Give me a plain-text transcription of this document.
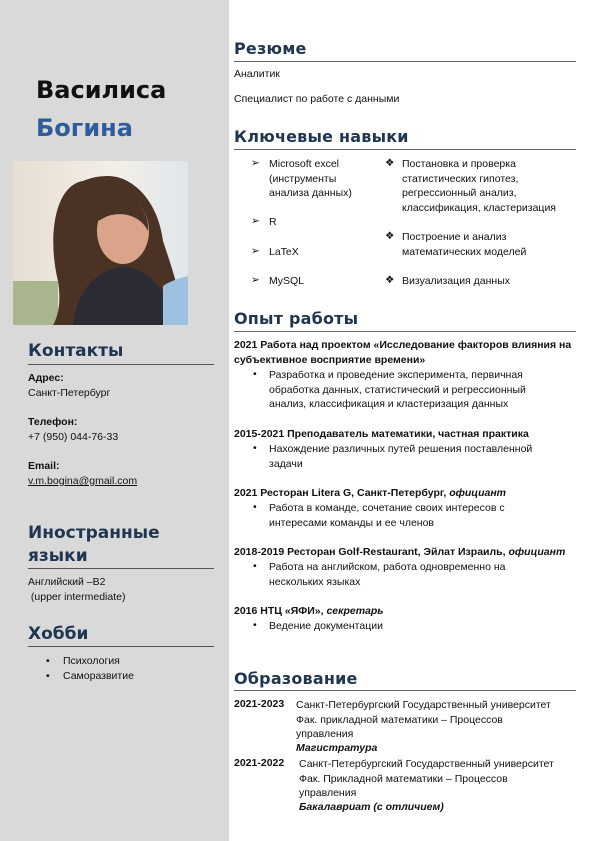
Василиса
Богина
Контакты
Адрес:
Санкт-Петербург
Телефон:
+7 (950) 044-76-33
Email:
v.m.bogina@gmail.com
Иностранные
языки
Английский –B2
(upper intermediate)
Хобби
• Психология
• Саморазвитие
Резюме
Аналитик
Специалист по работе с данными
Ключевые навыки
➢ Microsoft excel
(инструменты
анализа данных)
➢ R
➢ LaTeX
➢ MySQL
❖ Постановка и проверка
статистических гипотез,
регрессионный анализ,
классификация, кластеризация
❖ Построение и анализ
математических моделей
❖ Визуализация данных
Опыт работы
2021 Работа над проектом «Исследование факторов влияния на
субъективное восприятие времени»
• Разработка и проведение эксперимента, первичная
обработка данных, статистический и регрессионный
анализ, классификация и кластеризация данных
2015-2021 Преподаватель математики, частная практика
• Нахождение различных путей решения поставленной
задачи
2021 Ресторан Litera G, Санкт-Петербург, официант
• Работа в команде, сочетание своих интересов с
интересами команды и ее членов
2018-2019 Ресторан Golf-Restaurant, Эйлат Израиль, официант
• Работа на английском, работа одновременно на
нескольких языках
2016 НТЦ «ЯФИ», секретарь
• Ведение документации
Образование
2021-2023 Санкт-Петербургский Государственный университет
Фак. прикладной математики – Процессов
управления
Магистратура
2021-2022 Санкт-Петербургский Государственный университет
Фак. Прикладной математики – Процессов
управления
Бакалавриат (с отличием)
